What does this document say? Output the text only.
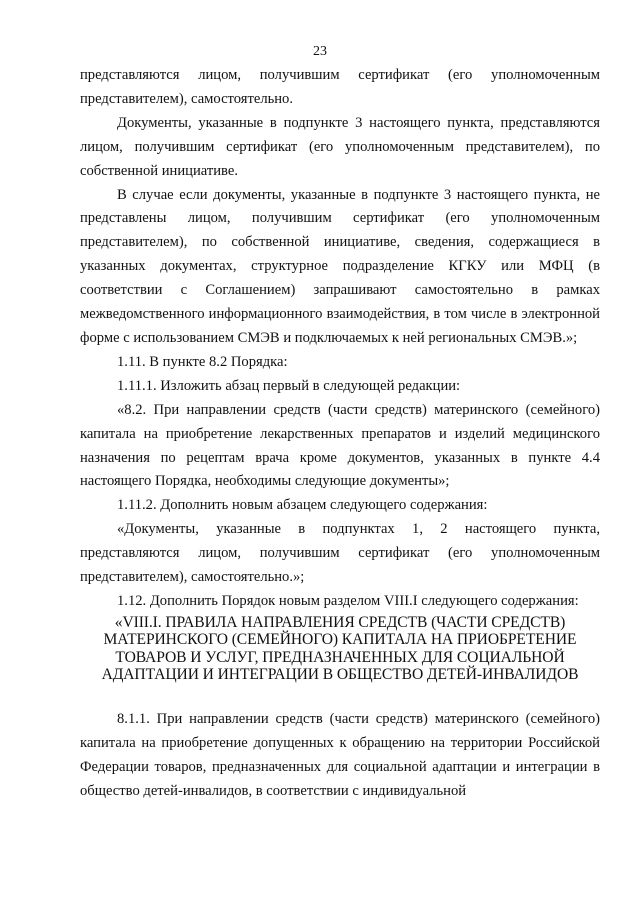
23

представляются лицом, получившим сертификат (его уполномоченным представителем), самостоятельно.

Документы, указанные в подпункте 3 настоящего пункта, представляются лицом, получившим сертификат (его уполномоченным представителем), по собственной инициативе.

В случае если документы, указанные в подпункте 3 настоящего пункта, не представлены лицом, получившим сертификат (его уполномоченным представителем), по собственной инициативе, сведения, содержащиеся в указанных документах, структурное подразделение КГКУ или МФЦ (в соответствии с Соглашением) запрашивают самостоятельно в рамках межведомственного информационного взаимодействия, в том числе в электронной форме с использованием СМЭВ и подключаемых к ней региональных СМЭВ.»;

1.11. В пункте 8.2 Порядка:

1.11.1. Изложить абзац первый в следующей редакции:

«8.2. При направлении средств (части средств) материнского (семейного) капитала на приобретение лекарственных препаратов и изделий медицинского назначения по рецептам врача кроме документов, указанных в пункте 4.4 настоящего Порядка, необходимы следующие документы»;

1.11.2. Дополнить новым абзацем следующего содержания:

«Документы, указанные в подпунктах 1, 2 настоящего пункта, представляются лицом, получившим сертификат (его уполномоченным представителем), самостоятельно.»;

1.12. Дополнить Порядок новым разделом VIII.I следующего содержания:

«VIII.I. ПРАВИЛА НАПРАВЛЕНИЯ СРЕДСТВ (ЧАСТИ СРЕДСТВ) МАТЕРИНСКОГО (СЕМЕЙНОГО) КАПИТАЛА НА ПРИОБРЕТЕНИЕ ТОВАРОВ И УСЛУГ, ПРЕДНАЗНАЧЕННЫХ ДЛЯ СОЦИАЛЬНОЙ АДАПТАЦИИ И ИНТЕГРАЦИИ В ОБЩЕСТВО ДЕТЕЙ-ИНВАЛИДОВ

8.1.1. При направлении средств (части средств) материнского (семейного) капитала на приобретение допущенных к обращению на территории Российской Федерации товаров, предназначенных для социальной адаптации и интеграции в общество детей-инвалидов, в соответствии с индивидуальной
